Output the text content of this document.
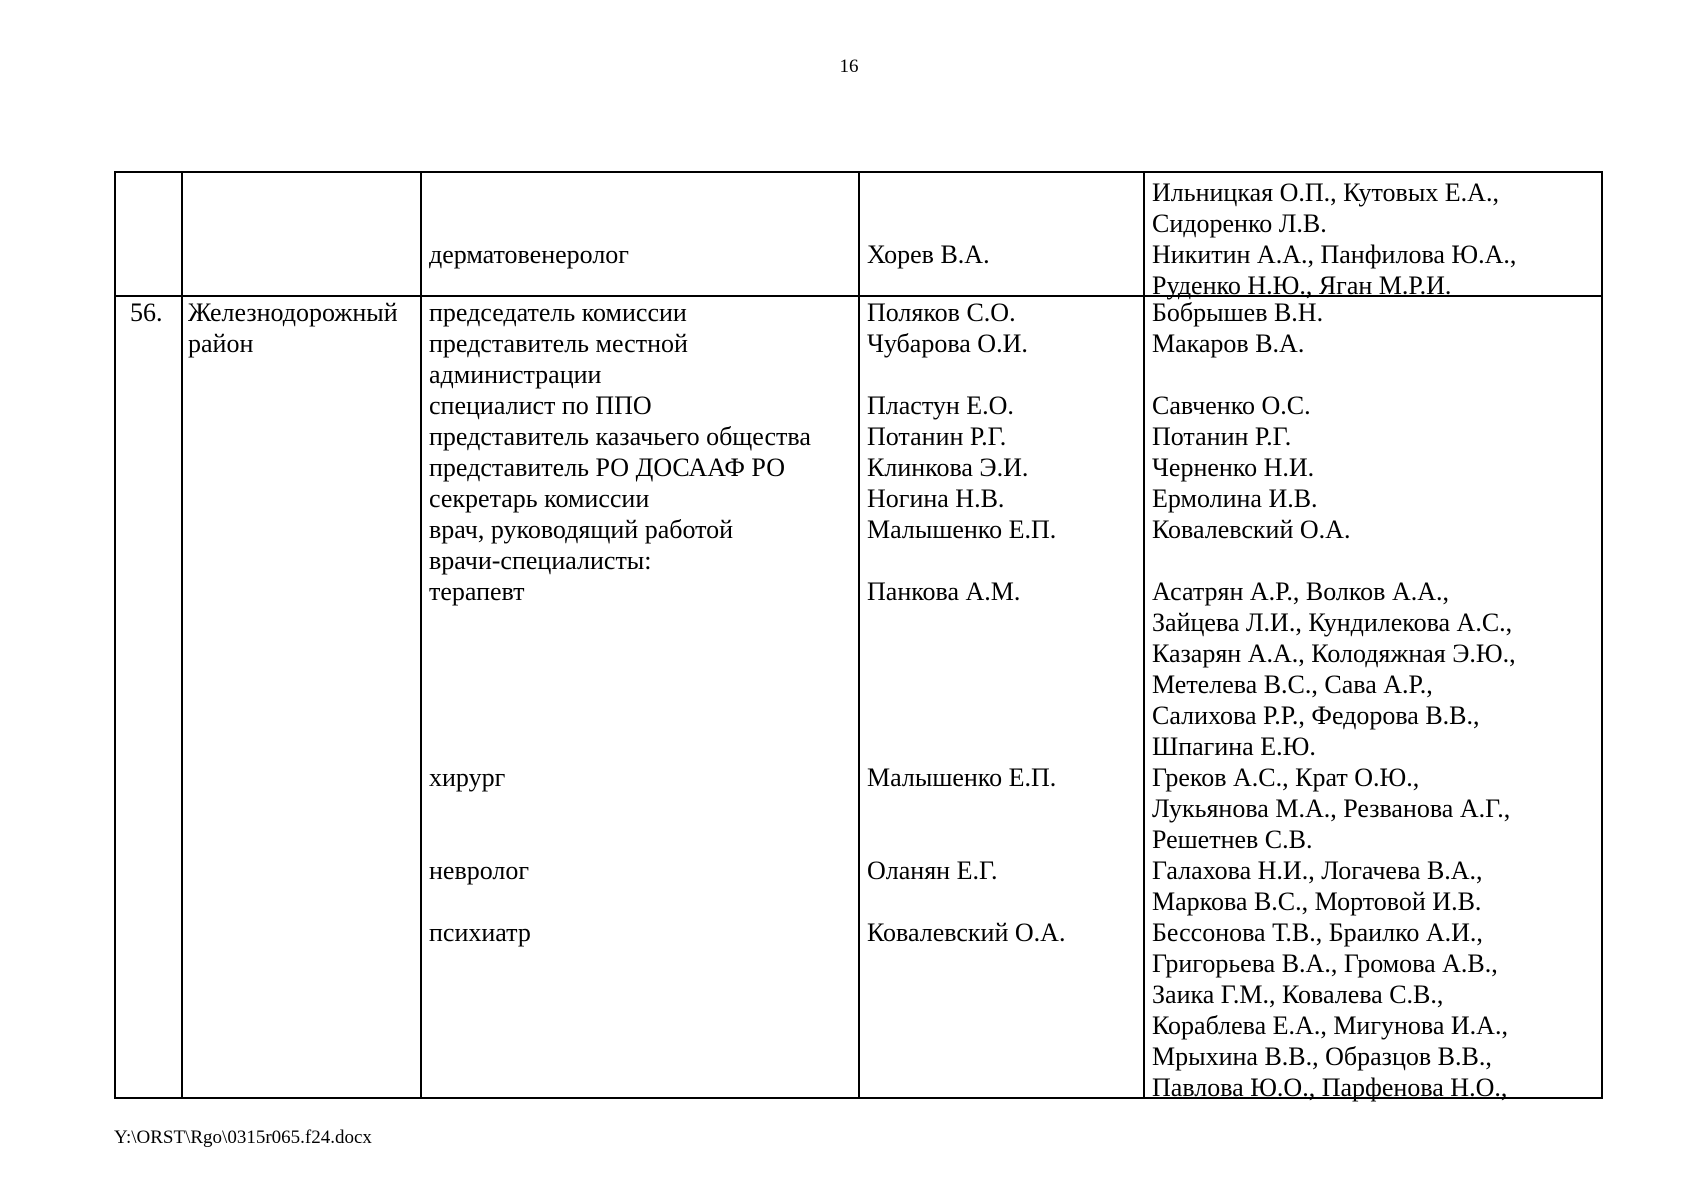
16
Ильницкая О.П., Кутовых Е.А.,
Сидоренко Л.В.
Никитин А.А., Панфилова Ю.А.,
Руденко Н.Ю., Яган М.Р.И.
дерматовенеролог	Хорев В.А.
56. Железнодорожный
район
председатель комиссии
представитель местной
администрации
специалист по ППО
представитель казачьего общества
представитель РО ДОСААФ РО
секретарь комиссии
врач, руководящий работой
врачи-специалисты:
терапевт
хирург
невролог
психиатр
Поляков С.О.
Чубарова О.И.
Пластун Е.О.
Потанин Р.Г.
Клинкова Э.И.
Ногина Н.В.
Малышенко Е.П.
Панкова А.М.
Малышенко Е.П.
Оланян Е.Г.
Ковалевский О.А.
Бобрышев В.Н.
Макаров В.А.
Савченко О.С.
Потанин Р.Г.
Черненко Н.И.
Ермолина И.В.
Ковалевский О.А.
Асатрян А.Р., Волков А.А.,
Зайцева Л.И., Кундилекова А.С.,
Казарян А.А., Колодяжная Э.Ю.,
Метелева В.С., Сава А.Р.,
Салихова Р.Р., Федорова В.В.,
Шпагина Е.Ю.
Греков А.С., Крат О.Ю.,
Лукьянова М.А., Резванова А.Г.,
Решетнев С.В.
Галахова Н.И., Логачева В.А.,
Маркова В.С., Мортовой И.В.
Бессонова Т.В., Браилко А.И.,
Григорьева В.А., Громова А.В.,
Заика Г.М., Ковалева С.В.,
Кораблева Е.А., Мигунова И.А.,
Мрыхина В.В., Образцов В.В.,
Павлова Ю.О., Парфенова Н.О.,
Y:\ORST\Rgo\0315r065.f24.docx
